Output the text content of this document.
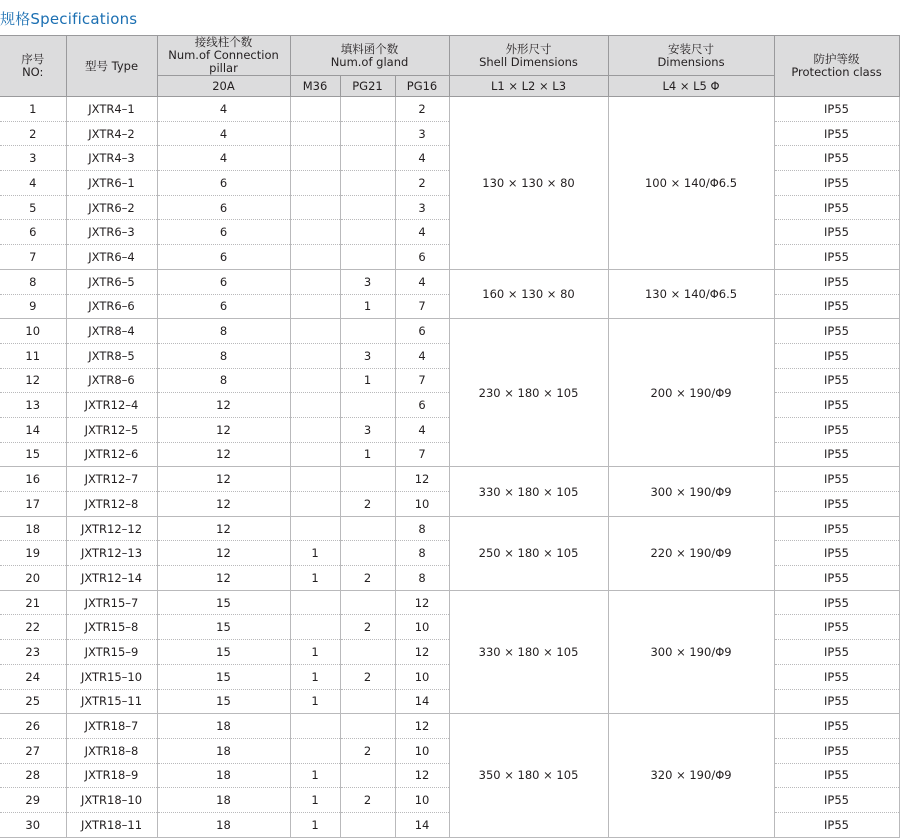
规格Specifications
序号
NO:	型号 Type	接线柱个数
Num.of Connection pillar	填料函个数
Num.of gland			外形尺寸
Shell Dimensions	安装尺寸
Dimensions	防护等级
Protection class

		20A	M36	PG21	PG16	L1 × L2 × L3	L4 × L5 Φ	
1	JXTR4–1	4			2	130 × 130 × 80	100 × 140/Φ6.5	IP55
2	JXTR4–2	4			3			IP55
3	JXTR4–3	4			4			IP55
4	JXTR6–1	6			2			IP55
5	JXTR6–2	6			3			IP55
6	JXTR6–3	6			4			IP55
7	JXTR6–4	6			6			IP55
8	JXTR6–5	6		3	4	160 × 130 × 80	130 × 140/Φ6.5	IP55
9	JXTR6–6	6		1	7			IP55
10	JXTR8–4	8			6	230 × 180 × 105	200 × 190/Φ9	IP55
11	JXTR8–5	8		3	4			IP55
12	JXTR8–6	8		1	7			IP55
13	JXTR12–4	12			6			IP55
14	JXTR12–5	12		3	4			IP55
15	JXTR12–6	12		1	7			IP55
16	JXTR12–7	12			12	330 × 180 × 105	300 × 190/Φ9	IP55
17	JXTR12–8	12		2	10			IP55
18	JXTR12–12	12			8	250 × 180 × 105	220 × 190/Φ9	IP55
19	JXTR12–13	12	1		8			IP55
20	JXTR12–14	12	1	2	8			IP55
21	JXTR15–7	15			12	330 × 180 × 105	300 × 190/Φ9	IP55
22	JXTR15–8	15		2	10			IP55
23	JXTR15–9	15	1		12			IP55
24	JXTR15–10	15	1	2	10			IP55
25	JXTR15–11	15	1		14			IP55
26	JXTR18–7	18			12	350 × 180 × 105	320 × 190/Φ9	IP55
27	JXTR18–8	18		2	10			IP55
28	JXTR18–9	18	1		12			IP55
29	JXTR18–10	18	1	2	10			IP55
30	JXTR18–11	18	1		14			IP55
